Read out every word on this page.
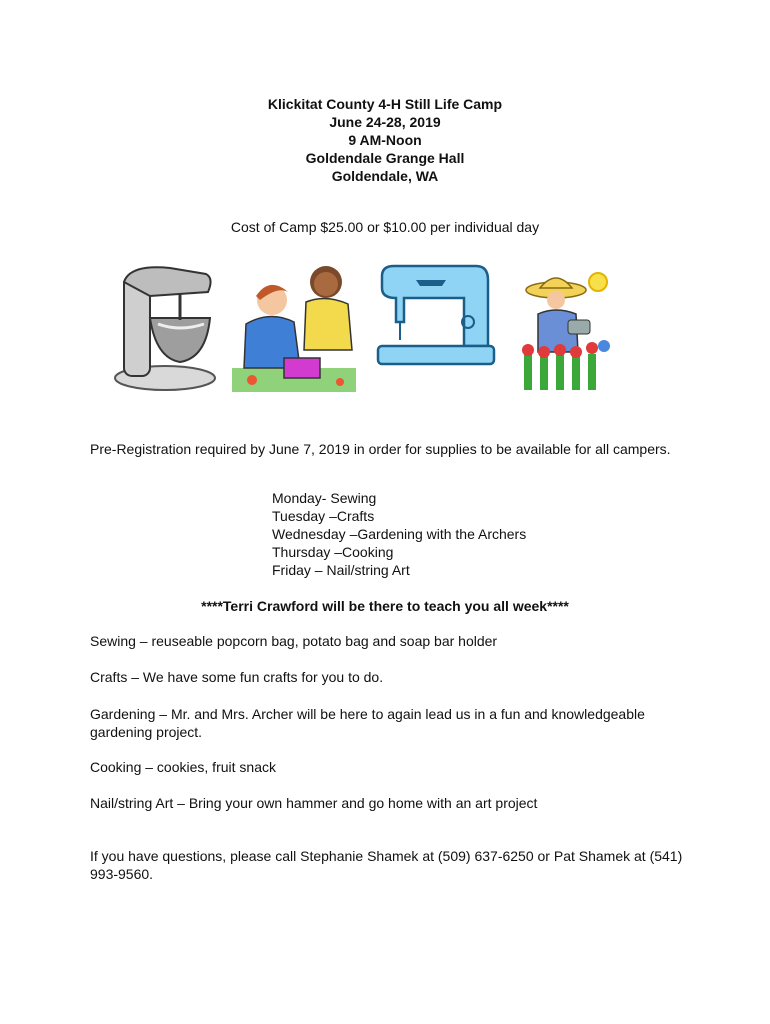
Klickitat County 4-H Still Life Camp
June 24-28, 2019
9 AM-Noon
Goldendale Grange Hall
Goldendale, WA
Cost of Camp $25.00 or $10.00 per individual day
Pre-Registration required by June 7, 2019 in order for supplies to be available for all campers.
Monday- Sewing
Tuesday –Crafts
Wednesday –Gardening with the Archers
Thursday –Cooking
Friday – Nail/string Art
****Terri Crawford will be there to teach you all week****
Sewing – reuseable popcorn bag, potato bag and soap bar holder
Crafts – We have some fun crafts for you to do.
Gardening – Mr. and Mrs. Archer will be here to again lead us in a fun and knowledgeable gardening project.
Cooking – cookies, fruit snack
Nail/string Art – Bring your own hammer and go home with an art project
If you have questions, please call Stephanie Shamek at (509) 637-6250 or Pat Shamek at (541) 993-9560.
